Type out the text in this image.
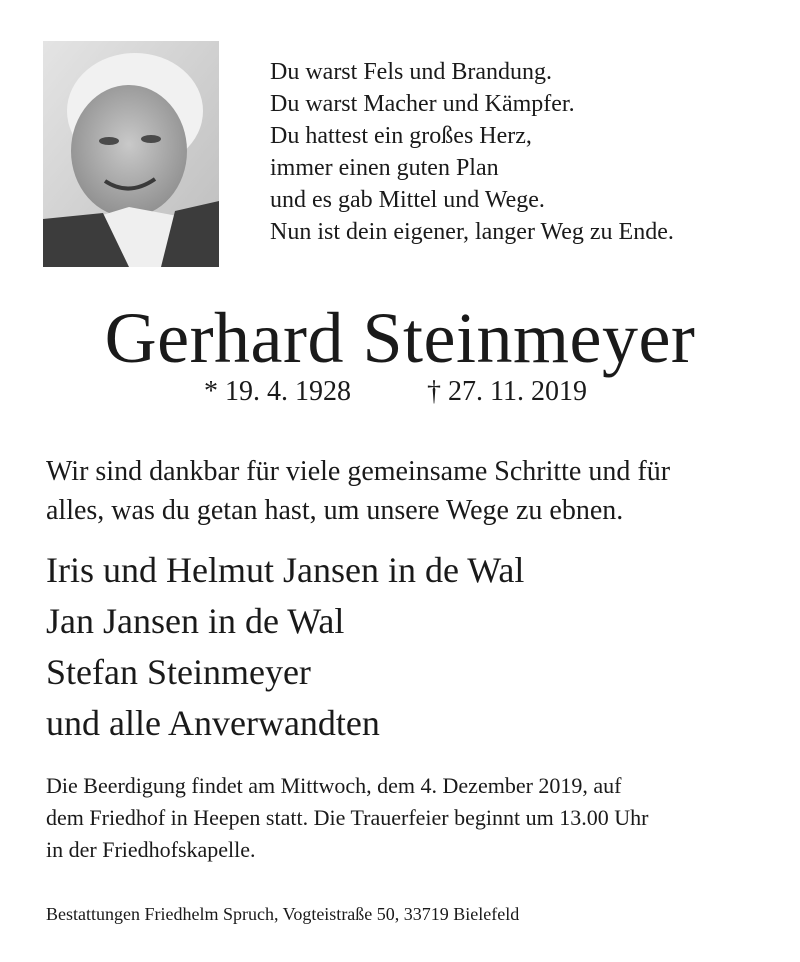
Du warst Fels und Brandung.
Du warst Macher und Kämpfer.
Du hattest ein großes Herz,
immer einen guten Plan
und es gab Mittel und Wege.
Nun ist dein eigener, langer Weg zu Ende.
Gerhard Steinmeyer
* 19. 4. 1928	† 27. 11. 2019
Wir sind dankbar für viele gemeinsame Schritte und für
alles, was du getan hast, um unsere Wege zu ebnen.
Iris und Helmut Jansen in de Wal
Jan Jansen in de Wal
Stefan Steinmeyer
und alle Anverwandten
Die Beerdigung findet am Mittwoch, dem 4. Dezember 2019, auf
dem Friedhof in Heepen statt. Die Trauerfeier beginnt um 13.00 Uhr
in der Friedhofskapelle.
Bestattungen Friedhelm Spruch, Vogteistraße 50, 33719 Bielefeld
